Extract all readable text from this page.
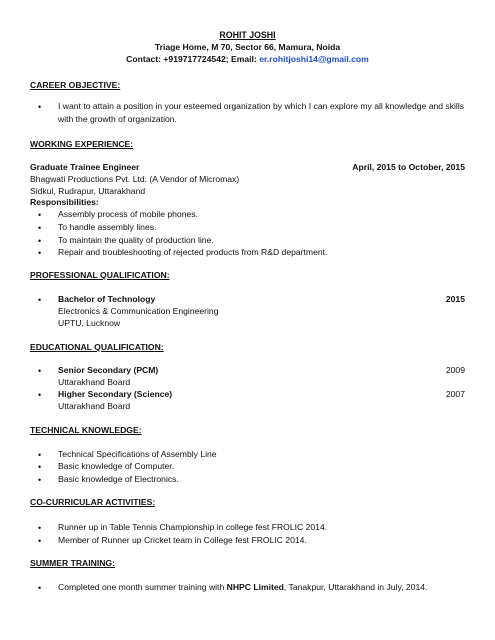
ROHIT JOSHI
Triage Home, M 70, Sector 66, Mamura, Noida
Contact: +919717724542; Email: er.rohitjoshi14@gmail.com
CAREER OBJECTIVE:
• I want to attain a position in your esteemed organization by which I can explore my all knowledge and skills with the growth of organization.
WORKING EXPERIENCE:
Graduate Trainee Engineer	April, 2015 to October, 2015
Bhagwati Productions Pvt. Ltd. (A Vendor of Micromax)
Sidkul, Rudrapur, Uttarakhand
Responsibilities:
• Assembly process of mobile phones.
• To handle assembly lines.
• To maintain the quality of production line.
• Repair and troubleshooting of rejected products from R&D department.
PROFESSIONAL QUALIFICATION:
• Bachelor of Technology	2015
Electronics & Communication Engineering
UPTU, Lucknow
EDUCATIONAL QUALIFICATION:
• Senior Secondary (PCM)	2009
Uttarakhand Board
• Higher Secondary (Science)	2007
Uttarakhand Board
TECHNICAL KNOWLEDGE:
• Technical Specifications of Assembly Line
• Basic knowledge of Computer.
• Basic knowledge of Electronics.
CO-CURRICULAR ACTIVITIES:
• Runner up in Table Tennis Championship in college fest FROLIC 2014.
• Member of Runner up Cricket team in College fest FROLIC 2014.
SUMMER TRAINING:
• Completed one month summer training with NHPC Limited, Tanakpur, Uttarakhand in July, 2014.
